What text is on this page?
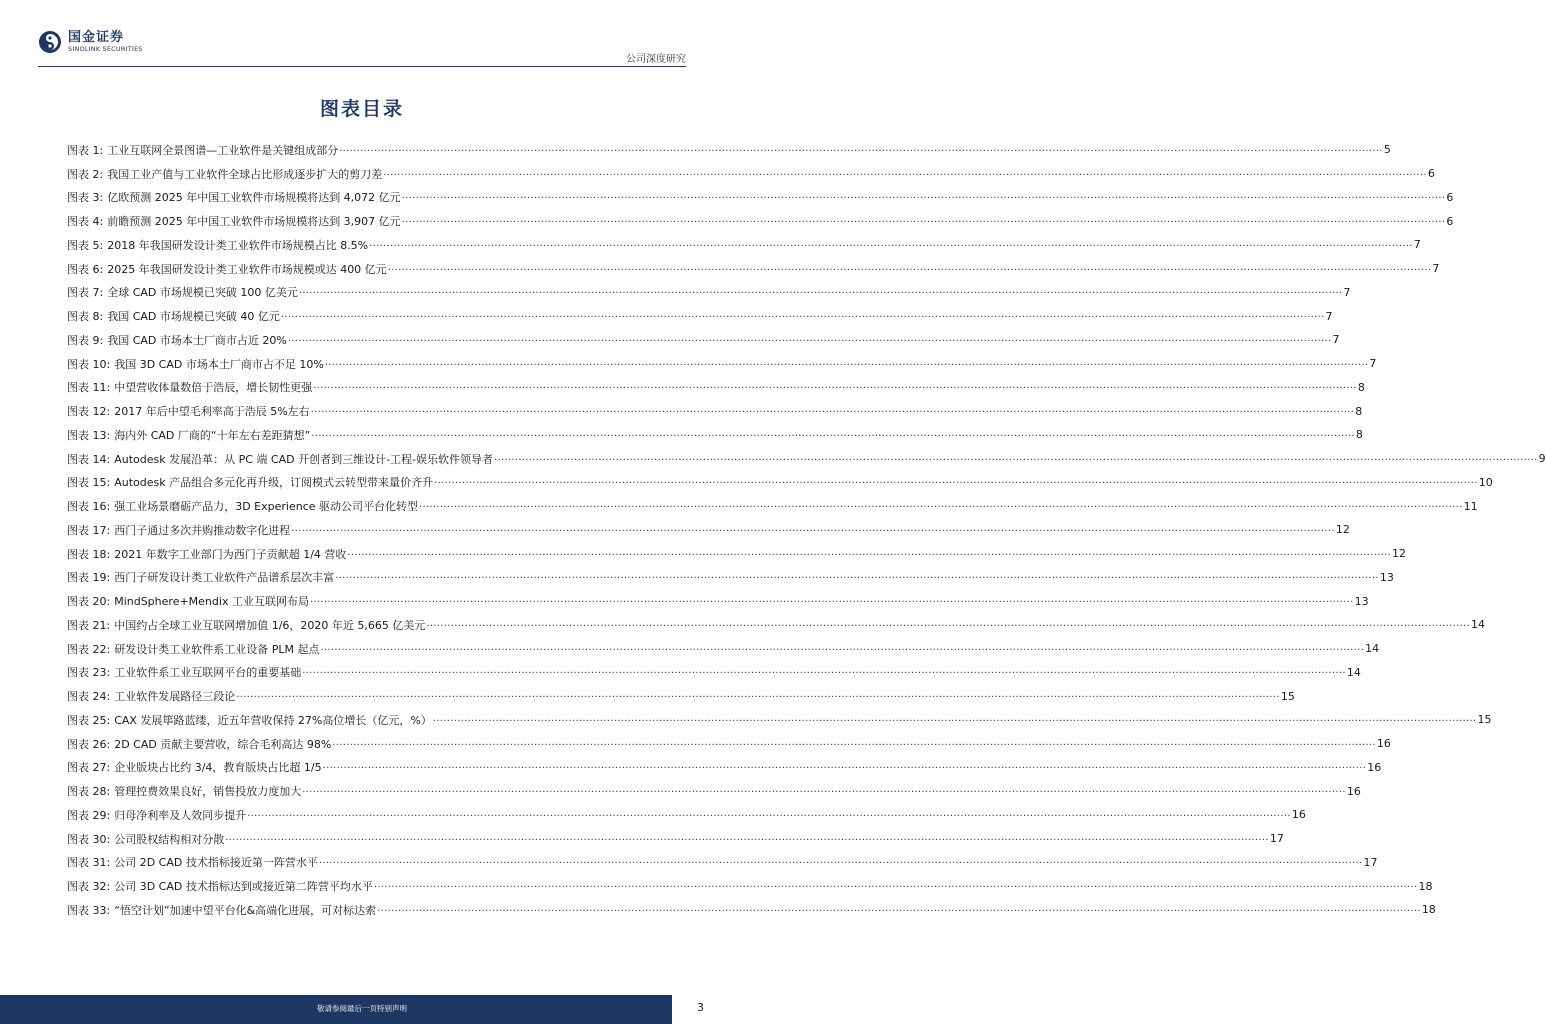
国金证券
SINOLINK SECURITIES
公司深度研究
图表目录
图表 1: 工业互联网全景图谱—工业软件是关键组成部分 ............................................................................................................................................................................................................................................................................................................ 5
图表 2: 我国工业产值与工业软件全球占比形成逐步扩大的剪刀差 ............................................................................................................................................................................................................................................................................................................ 6
图表 3: 亿欧预测 2025 年中国工业软件市场规模将达到 4,072 亿元 ............................................................................................................................................................................................................................................................................................................ 6
图表 4: 前瞻预测 2025 年中国工业软件市场规模将达到 3,907 亿元 ............................................................................................................................................................................................................................................................................................................ 6
图表 5: 2018 年我国研发设计类工业软件市场规模占比 8.5% ............................................................................................................................................................................................................................................................................................................ 7
图表 6: 2025 年我国研发设计类工业软件市场规模或达 400 亿元 ............................................................................................................................................................................................................................................................................................................ 7
图表 7: 全球 CAD 市场规模已突破 100 亿美元 ............................................................................................................................................................................................................................................................................................................ 7
图表 8: 我国 CAD 市场规模已突破 40 亿元 ............................................................................................................................................................................................................................................................................................................ 7
图表 9: 我国 CAD 市场本土厂商市占近 20% ............................................................................................................................................................................................................................................................................................................ 7
图表 10: 我国 3D CAD 市场本土厂商市占不足 10% ............................................................................................................................................................................................................................................................................................................ 7
图表 11: 中望营收体量数倍于浩辰，增长韧性更强 ............................................................................................................................................................................................................................................................................................................ 8
图表 12: 2017 年后中望毛利率高于浩辰 5%左右 ............................................................................................................................................................................................................................................................................................................ 8
图表 13: 海内外 CAD 厂商的“十年左右差距猜想” ............................................................................................................................................................................................................................................................................................................ 8
图表 14: Autodesk 发展沿革：从 PC 端 CAD 开创者到三维设计-工程-娱乐软件领导者 ............................................................................................................................................................................................................................................................................................................ 9
图表 15: Autodesk 产品组合多元化再升级，订阅模式云转型带来量价齐升 ............................................................................................................................................................................................................................................................................................................ 10
图表 16: 强工业场景磨砺产品力，3D Experience 驱动公司平台化转型 ............................................................................................................................................................................................................................................................................................................ 11
图表 17: 西门子通过多次并购推动数字化进程 ............................................................................................................................................................................................................................................................................................................ 12
图表 18: 2021 年数字工业部门为西门子贡献超 1/4 营收 ............................................................................................................................................................................................................................................................................................................ 12
图表 19: 西门子研发设计类工业软件产品谱系层次丰富 ............................................................................................................................................................................................................................................................................................................ 13
图表 20: MindSphere+Mendix 工业互联网布局 ............................................................................................................................................................................................................................................................................................................ 13
图表 21: 中国约占全球工业互联网增加值 1/6，2020 年近 5,665 亿美元 ............................................................................................................................................................................................................................................................................................................ 14
图表 22: 研发设计类工业软件系工业设备 PLM 起点 ............................................................................................................................................................................................................................................................................................................ 14
图表 23: 工业软件系工业互联网平台的重要基础 ............................................................................................................................................................................................................................................................................................................ 14
图表 24: 工业软件发展路径三段论 ............................................................................................................................................................................................................................................................................................................ 15
图表 25: CAX 发展筚路蓝缕，近五年营收保持 27%高位增长（亿元，%） ............................................................................................................................................................................................................................................................................................................ 15
图表 26: 2D CAD 贡献主要营收，综合毛利高达 98% ............................................................................................................................................................................................................................................................................................................ 16
图表 27: 企业版块占比约 3/4，教育版块占比超 1/5 ............................................................................................................................................................................................................................................................................................................ 16
图表 28: 管理控费效果良好，销售投放力度加大 ............................................................................................................................................................................................................................................................................................................ 16
图表 29: 归母净利率及人效同步提升 ............................................................................................................................................................................................................................................................................................................ 16
图表 30: 公司股权结构相对分散 ............................................................................................................................................................................................................................................................................................................ 17
图表 31: 公司 2D CAD 技术指标接近第一阵营水平 ............................................................................................................................................................................................................................................................................................................ 17
图表 32: 公司 3D CAD 技术指标达到或接近第二阵营平均水平 ............................................................................................................................................................................................................................................................................................................ 18
图表 33: “悟空计划”加速中望平台化&高端化进展，可对标达索 ............................................................................................................................................................................................................................................................................................................ 18
敬请参阅最后一页特别声明	3
